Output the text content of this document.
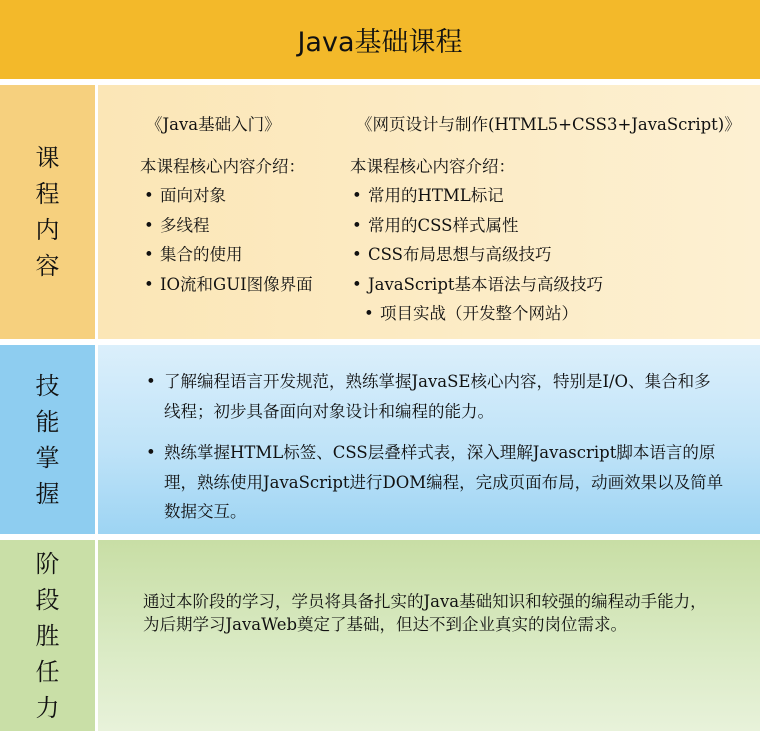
Java基础课程
课
程
内
容
《Java基础入门》
本课程核心内容介绍：
• 面向对象
• 多线程
• 集合的使用
• IO流和GUI图像界面
《网页设计与制作(HTML5+CSS3+JavaScript)》
本课程核心内容介绍：
• 常用的HTML标记
• 常用的CSS样式属性
• CSS布局思想与高级技巧
• JavaScript基本语法与高级技巧
• 项目实战（开发整个网站）
技
能
掌
握
• 了解编程语言开发规范，熟练掌握JavaSE核心内容，特别是I/O、集合和多线程；初步具备面向对象设计和编程的能力。
• 熟练掌握HTML标签、CSS层叠样式表，深入理解Javascript脚本语言的原理，熟练使用JavaScript进行DOM编程，完成页面布局，动画效果以及简单数据交互。
阶
段
胜
任
力
通过本阶段的学习，学员将具备扎实的Java基础知识和较强的编程动手能力，为后期学习JavaWeb奠定了基础，但达不到企业真实的岗位需求。
